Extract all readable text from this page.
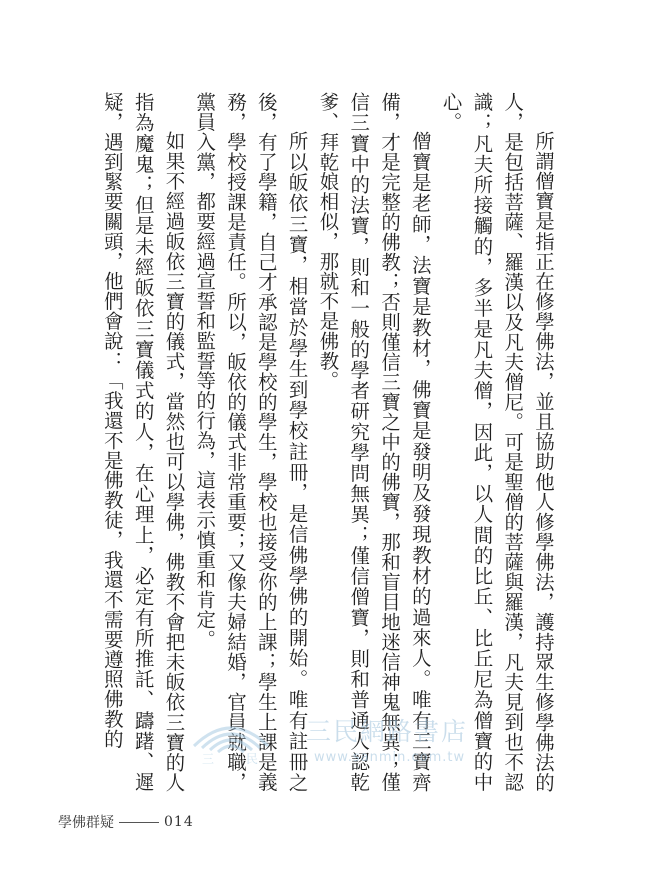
所謂僧寶是指正在修學佛法，並且協助他人修學佛法，護持眾生修學佛法的人，是包括菩薩、羅漢以及凡夫僧尼。可是聖僧的菩薩與羅漢，凡夫見到也不認識；凡夫所接觸的，多半是凡夫僧，因此，以人間的比丘、比丘尼為僧寶的中心。

僧寶是老師，法寶是教材，佛寶是發明及發現教材的過來人。唯有三寶齊備，才是完整的佛教；否則僅信三寶之中的佛寶，那和盲目地迷信神鬼無異；僅信三寶中的法寶，則和一般的學者研究學問無異；僅信僧寶，則和普通人認乾爹、拜乾娘相似，那就不是佛教。

所以皈依三寶，相當於學生到學校註冊，是信佛學佛的開始。唯有註冊之後，有了學籍，自己才承認是學校的學生，學校也接受你的上課；學生上課是義務，學校授課是責任。所以，皈依的儀式非常重要；又像夫婦結婚，官員就職，黨員入黨，都要經過宣誓和監誓等的行為，這表示慎重和肯定。

如果不經過皈依三寶的儀式，當然也可以學佛，佛教不會把未皈依三寶的人指為魔鬼；但是未經皈依三寶儀式的人，在心理上，必定有所推託、躊躇、遲疑，遇到緊要關頭，他們會說：「我還不是佛教徒，我還不需要遵照佛教的

三	民
三民網路書店
www.sanmin.com.tw
學佛群疑	014
